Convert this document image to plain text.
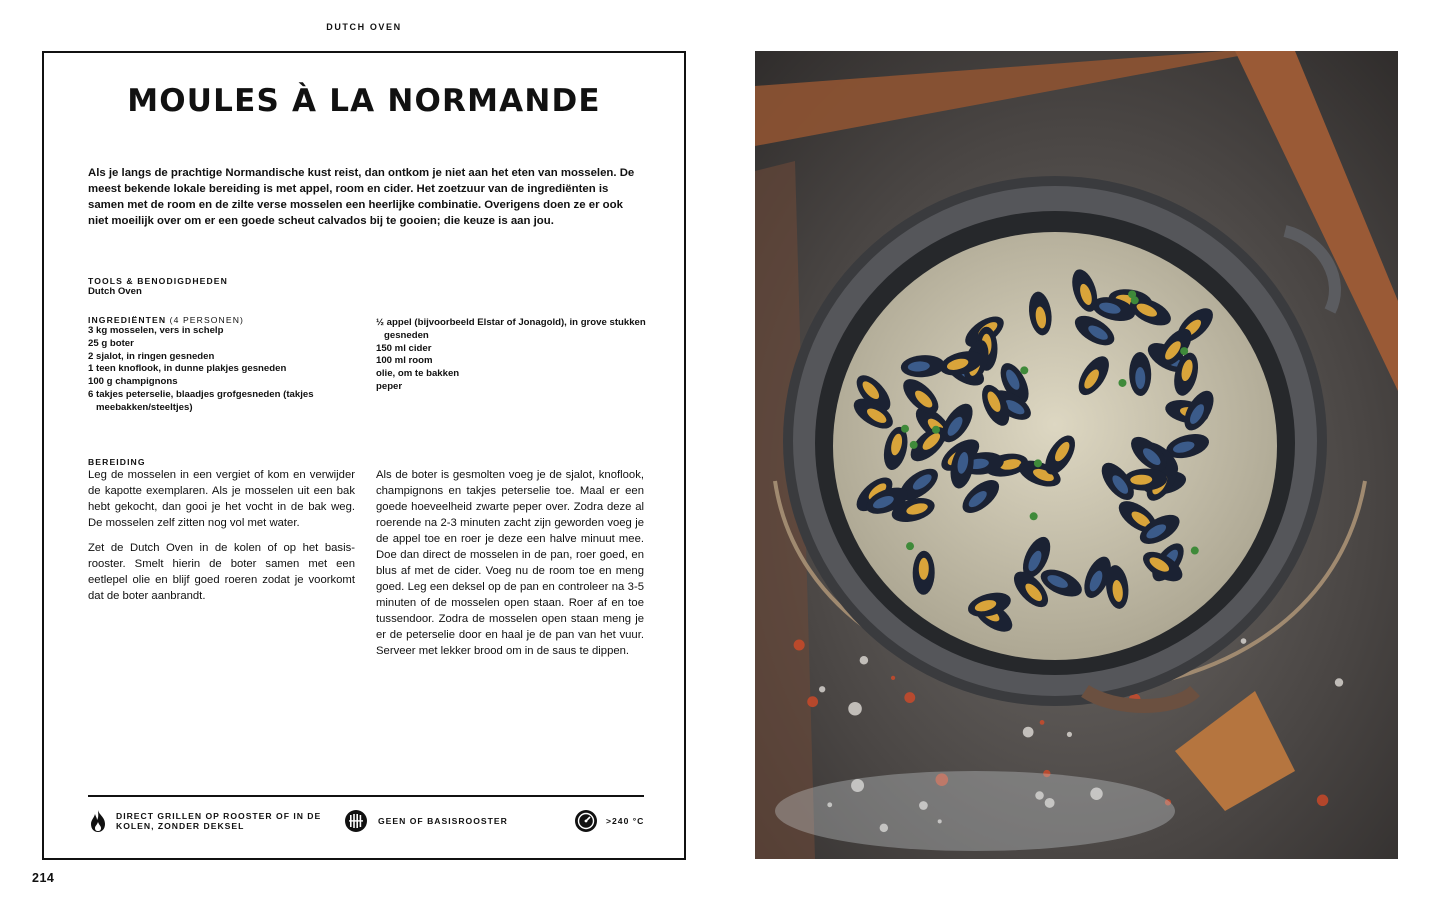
DUTCH OVEN
MOULES À LA NORMANDE

Als je langs de prachtige Normandische kust reist, dan ontkom je niet aan het eten van mosselen. De meest bekende lokale bereiding is met appel, room en cider. Het zoetzuur van de ingrediënten is samen met de room en de zilte verse mosselen een heerlijke combinatie. Overigens doen ze er ook niet moeilijk over om er een goede scheut calvados bij te gooien; die keuze is aan jou.

TOOLS & BENODIGDHEDEN

Dutch Oven

INGREDIËNTEN (4 PERSONEN)

3 kg mosselen, vers in schelp
25 g boter
2 sjalot, in ringen gesneden
1 teen knoflook, in dunne plakjes gesneden
100 g champignons
6 takjes peterselie, blaadjes grofgesneden (takjes meebakken/steeltjes)
½ appel (bijvoorbeeld Elstar of Jonagold), in grove stukken gesneden
150 ml cider
100 ml room
olie, om te bakken
peper

BEREIDING

Leg de mosselen in een vergiet of kom en verwijder de kapotte exemplaren. Als je mosselen uit een bak hebt gekocht, dan gooi je het vocht in de bak weg. De mosselen zelf zitten nog vol met water.

Zet de Dutch Oven in de kolen of op het basis-rooster. Smelt hierin de boter samen met een eetlepel olie en blijf goed roeren zodat je voorkomt dat de boter aanbrandt.

Als de boter is gesmolten voeg je de sjalot, knoflook, champignons en takjes peterselie toe. Maal er een goede hoeveelheid zwarte peper over. Zodra deze al roerende na 2-3 minuten zacht zijn geworden voeg je de appel toe en roer je deze een halve minuut mee. Doe dan direct de mosselen in de pan, roer goed, en blus af met de cider. Voeg nu de room toe en meng goed. Leg een deksel op de pan en controleer na 3-5 minuten of de mosselen open staan. Roer af en toe tussendoor. Zodra de mosselen open staan meng je er de peterselie door en haal je de pan van het vuur. Serveer met lekker brood om in de saus te dippen.

DIRECT GRILLEN OP ROOSTER OF IN DE
KOLEN, ZONDER DEKSEL
GEEN OF BASISROOSTER	>240 °C
214
